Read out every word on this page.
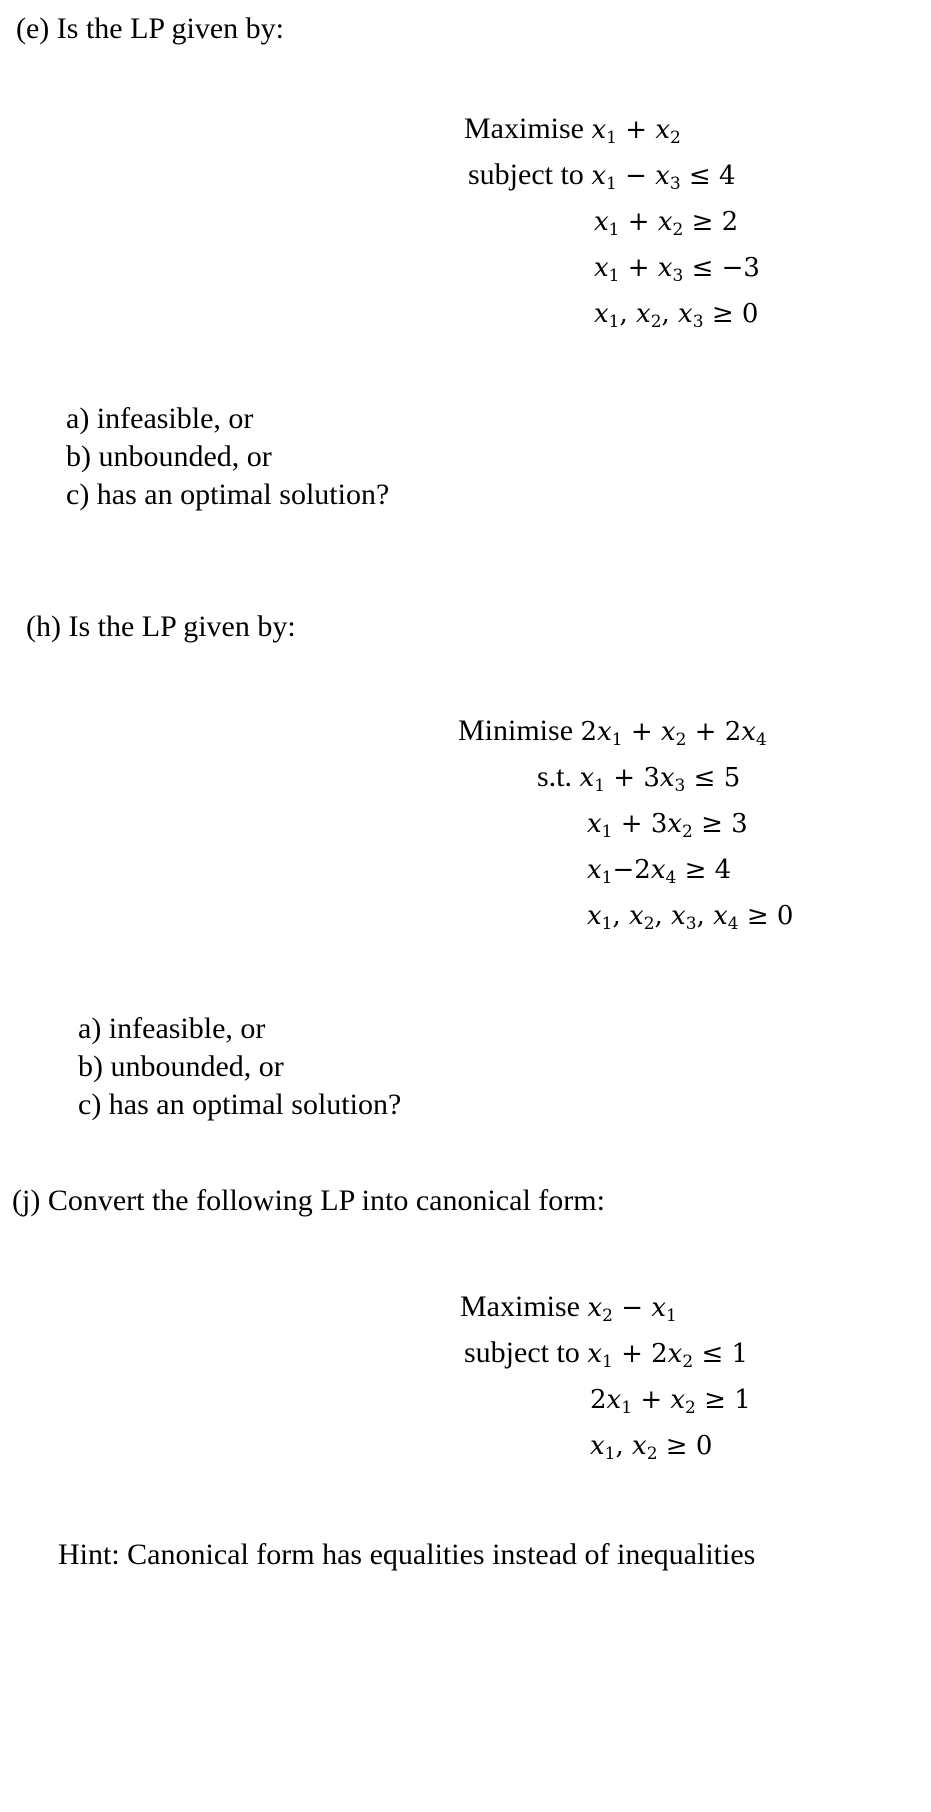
(e) Is the LP given by:
Maximise $x_1 + x_2$
subject to $x_1 - x_3 \le 4$
$x_1 + x_2 \ge 2$
$x_1 + x_3 \le -3$
$x_1$, $x_2$, $x_3 \ge 0$
a) infeasible, or
b) unbounded, or
c) has an optimal solution?
(h) Is the LP given by:
Minimise $2x_1 + x_2 + 2x_4$
s.t. $x_1 + 3x_3 \le 5$
$x_1 + 3x_2 \ge 3$
$x_1-2x_4 \ge 4$
$x_1$, $x_2$, $x_3$, $x_4 \ge 0$
a) infeasible, or
b) unbounded, or
c) has an optimal solution?
(j) Convert the following LP into canonical form:
Maximise $x_2 - x_1$
subject to $x_1 + 2x_2 \le 1$
$2x_1 + x_2 \ge 1$
$x_1$, $x_2 \ge 0$
Hint: Canonical form has equalities instead of inequalities
